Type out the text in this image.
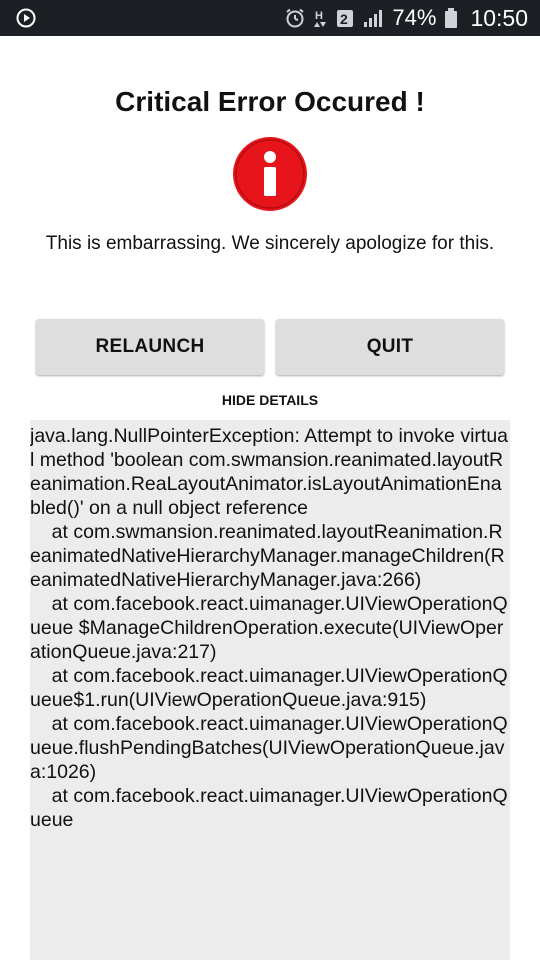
H 2 74% 10:50
Critical Error Occured !
This is embarrassing. We sincerely apologize for this.
RELAUNCH	QUIT
HIDE DETAILS
java.lang.NullPointerException: Attempt to invoke virtual method 'boolean com.swmansion.reanimated.layoutReanimation.ReaLayoutAnimator.isLayoutAnimationEnabled()' on a null object reference
at com.swmansion.reanimated.layoutReanimation.ReanimatedNativeHierarchyManager.manageChildren(ReanimatedNativeHierarchyManager.java:266)
at com.facebook.react.uimanager.UIViewOperationQueue $ManageChildrenOperation.execute(UIViewOperationQueue.java:217)
at com.facebook.react.uimanager.UIViewOperationQueue$1.run(UIViewOperationQueue.java:915)
at com.facebook.react.uimanager.UIViewOperationQueue.flushPendingBatches(UIViewOperationQueue.java:1026)
at com.facebook.react.uimanager.UIViewOperationQueue
